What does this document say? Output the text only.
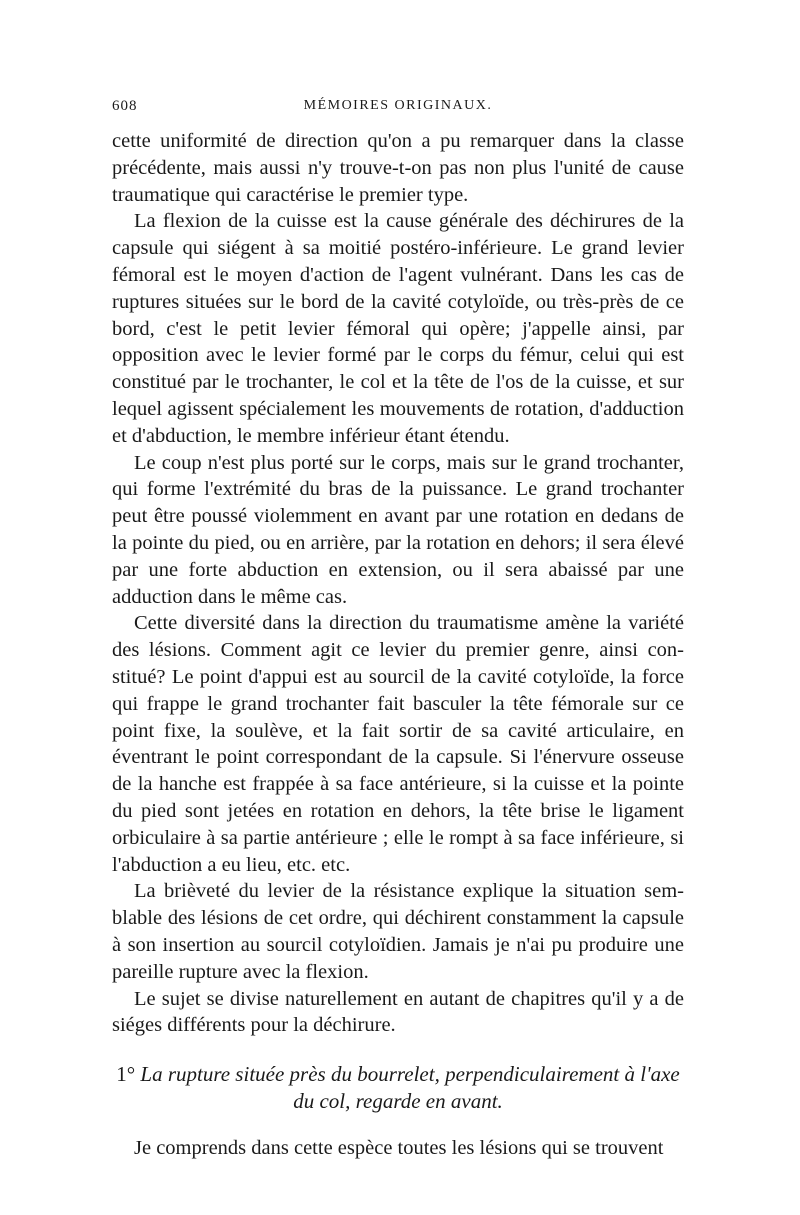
608	MÉMOIRES ORIGINAUX.

cette uniformité de direction qu'on a pu remarquer dans la classe précédente, mais aussi n'y trouve-t-on pas non plus l'unité de cause traumatique qui caractérise le premier type.

La flexion de la cuisse est la cause générale des déchirures de la capsule qui siégent à sa moitié postéro-inférieure. Le grand levier fémoral est le moyen d'action de l'agent vulnérant. Dans les cas de ruptures situées sur le bord de la cavité cotyloïde, ou très-près de ce bord, c'est le petit levier fémoral qui opère; j'appelle ainsi, par opposition avec le levier formé par le corps du fémur, celui qui est constitué par le trochanter, le col et la tête de l'os de la cuisse, et sur lequel agissent spécialement les mouvements de rotation, d'adduction et d'abduction, le membre inférieur étant étendu.

Le coup n'est plus porté sur le corps, mais sur le grand trochanter, qui forme l'extrémité du bras de la puissance. Le grand trochanter peut être poussé violemment en avant par une rotation en dedans de la pointe du pied, ou en arrière, par la rotation en dehors; il sera élevé par une forte abduction en extension, ou il sera abaissé par une adduction dans le même cas.

Cette diversité dans la direction du traumatisme amène la variété des lésions. Comment agit ce levier du premier genre, ainsi constitué? Le point d'appui est au sourcil de la cavité cotyloïde, la force qui frappe le grand trochanter fait basculer la tête fémorale sur ce point fixe, la soulève, et la fait sortir de sa cavité articulaire, en éventrant le point correspondant de la capsule. Si l'énervure osseuse de la hanche est frappée à sa face antérieure, si la cuisse et la pointe du pied sont jetées en rotation en dehors, la tête brise le ligament orbiculaire à sa partie antérieure ; elle le rompt à sa face inférieure, si l'abduction a eu lieu, etc. etc.

La brièveté du levier de la résistance explique la situation semblable des lésions de cet ordre, qui déchirent constamment la capsule à son insertion au sourcil cotyloïdien. Jamais je n'ai pu produire une pareille rupture avec la flexion.

Le sujet se divise naturellement en autant de chapitres qu'il y a de siéges différents pour la déchirure.

1° La rupture située près du bourrelet, perpendiculairement à l'axe du col, regarde en avant.

Je comprends dans cette espèce toutes les lésions qui se trouvent
